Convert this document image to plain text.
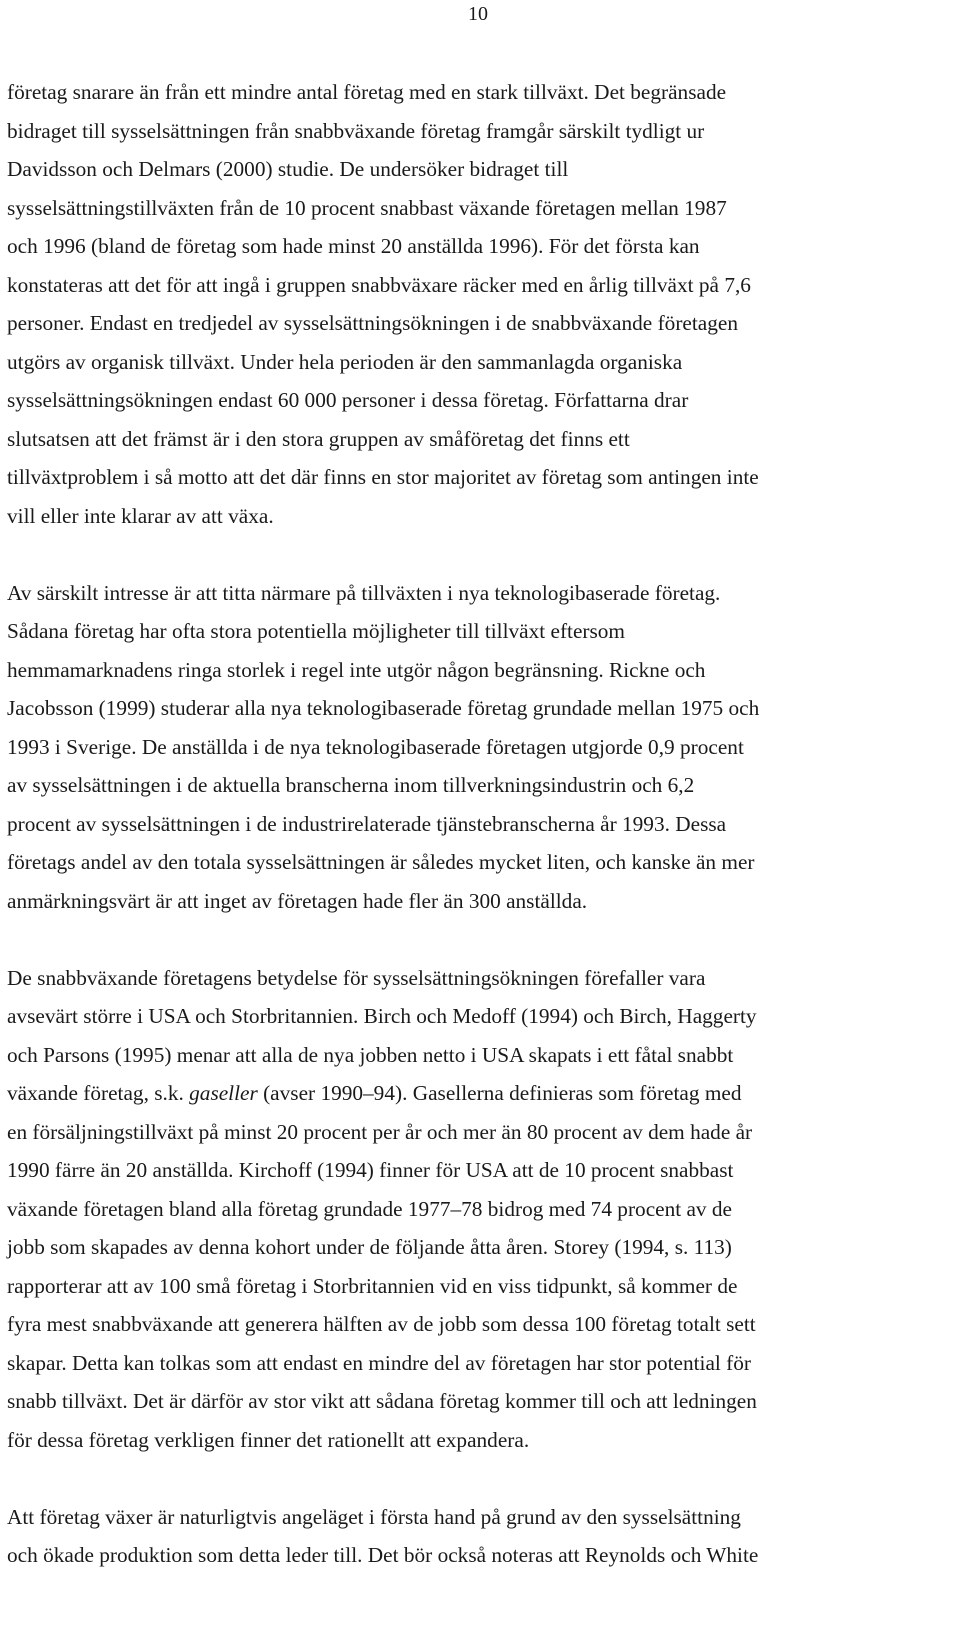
10

företag snarare än från ett mindre antal företag med en stark tillväxt. Det begränsade
bidraget till sysselsättningen från snabbväxande företag framgår särskilt tydligt ur
Davidsson och Delmars (2000) studie. De undersöker bidraget till
sysselsättningstillväxten från de 10 procent snabbast växande företagen mellan 1987
och 1996 (bland de företag som hade minst 20 anställda 1996). För det första kan
konstateras att det för att ingå i gruppen snabbväxare räcker med en årlig tillväxt på 7,6
personer. Endast en tredjedel av sysselsättningsökningen i de snabbväxande företagen
utgörs av organisk tillväxt. Under hela perioden är den sammanlagda organiska
sysselsättningsökningen endast 60 000 personer i dessa företag. Författarna drar
slutsatsen att det främst är i den stora gruppen av småföretag det finns ett
tillväxtproblem i så motto att det där finns en stor majoritet av företag som antingen inte
vill eller inte klarar av att växa.

Av särskilt intresse är att titta närmare på tillväxten i nya teknologibaserade företag.
Sådana företag har ofta stora potentiella möjligheter till tillväxt eftersom
hemmamarknadens ringa storlek i regel inte utgör någon begränsning. Rickne och
Jacobsson (1999) studerar alla nya teknologibaserade företag grundade mellan 1975 och
1993 i Sverige. De anställda i de nya teknologibaserade företagen utgjorde 0,9 procent
av sysselsättningen i de aktuella branscherna inom tillverkningsindustrin och 6,2
procent av sysselsättningen i de industrirelaterade tjänstebranscherna år 1993. Dessa
företags andel av den totala sysselsättningen är således mycket liten, och kanske än mer
anmärkningsvärt är att inget av företagen hade fler än 300 anställda.

De snabbväxande företagens betydelse för sysselsättningsökningen förefaller vara
avsevärt större i USA och Storbritannien. Birch och Medoff (1994) och Birch, Haggerty
och Parsons (1995) menar att alla de nya jobben netto i USA skapats i ett fåtal snabbt
växande företag, s.k. gaseller (avser 1990–94). Gasellerna definieras som företag med
en försäljningstillväxt på minst 20 procent per år och mer än 80 procent av dem hade år
1990 färre än 20 anställda. Kirchoff (1994) finner för USA att de 10 procent snabbast
växande företagen bland alla företag grundade 1977–78 bidrog med 74 procent av de
jobb som skapades av denna kohort under de följande åtta åren. Storey (1994, s. 113)
rapporterar att av 100 små företag i Storbritannien vid en viss tidpunkt, så kommer de
fyra mest snabbväxande att generera hälften av de jobb som dessa 100 företag totalt sett
skapar. Detta kan tolkas som att endast en mindre del av företagen har stor potential för
snabb tillväxt. Det är därför av stor vikt att sådana företag kommer till och att ledningen
för dessa företag verkligen finner det rationellt att expandera.

Att företag växer är naturligtvis angeläget i första hand på grund av den sysselsättning
och ökade produktion som detta leder till. Det bör också noteras att Reynolds och White
